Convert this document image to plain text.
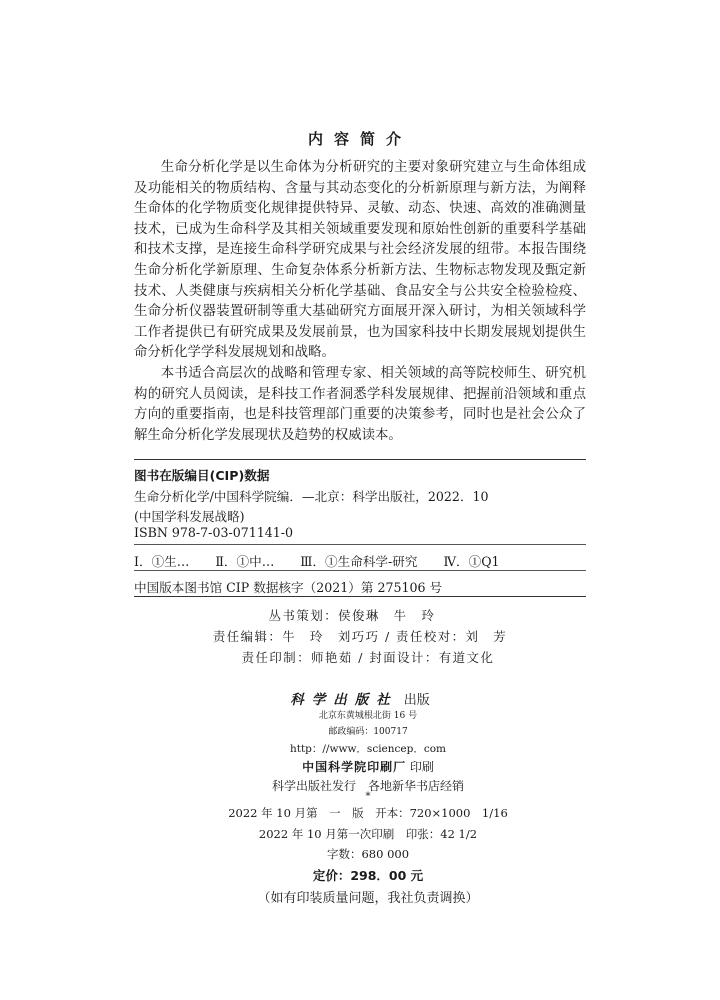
内容简介

生命分析化学是以生命体为分析研究的主要对象研究建立与生命体组成及功能相关的物质结构、含量与其动态变化的分析新原理与新方法，为阐释生命体的化学物质变化规律提供特异、灵敏、动态、快速、高效的准确测量技术，已成为生命科学及其相关领域重要发现和原始性创新的重要科学基础和技术支撑，是连接生命科学研究成果与社会经济发展的纽带。本报告围绕生命分析化学新原理、生命复杂体系分析新方法、生物标志物发现及甄定新技术、人类健康与疾病相关分析化学基础、食品安全与公共安全检验检疫、生命分析仪器装置研制等重大基础研究方面展开深入研讨，为相关领域科学工作者提供已有研究成果及发展前景，也为国家科技中长期发展规划提供生命分析化学学科发展规划和战略。

本书适合高层次的战略和管理专家、相关领域的高等院校师生、研究机构的研究人员阅读，是科技工作者洞悉学科发展规律、把握前沿领域和重点方向的重要指南，也是科技管理部门重要的决策参考，同时也是社会公众了解生命分析化学发展现状及趋势的权威读本。

图书在版编目(CIP)数据
生命分析化学/中国科学院编．—北京：科学出版社，2022．10
(中国学科发展战略)
ISBN 978-7-03-071141-0
Ⅰ．①生… Ⅱ．①中… Ⅲ．①生命科学-研究 Ⅳ．①Q1
中国版本图书馆 CIP 数据核字（2021）第 275106 号
丛书策划：侯俊琳　牛　玲
责任编辑：牛　玲　刘巧巧 / 责任校对：刘　芳
责任印制：师艳茹 / 封面设计：有道文化
科学出版社 出版
北京东黄城根北街 16 号
邮政编码：100717
http：//www．sciencep．com
中国科学院印刷厂 印刷
科学出版社发行　各地新华书店经销
*
2022 年 10 月第　一　版　开本：720×1000　1/16
2022 年 10 月第一次印刷　印张：42 1/2
字数：680 000
定价：298．00 元
（如有印装质量问题，我社负责调换）
